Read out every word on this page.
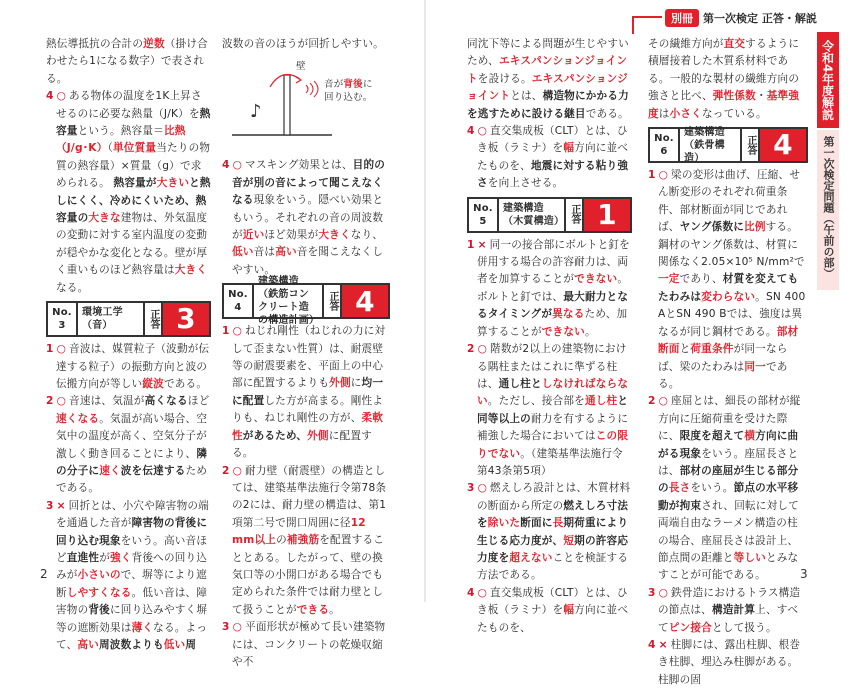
別冊 第一次検定 正答・解説
令和4年度解説
第一次検定問題（午前の部）

熱伝導抵抗の合計の逆数（掛け合わせたら1になる数字）で表される。

4 ○ ある物体の温度を1K上昇させるのに必要な熱量（J/K）を熱容量という。熱容量＝比熱（J/g･K）（単位質量当たりの物質の熱容量）×質量（g）で求められる。 熱容量が大きいと熱しにくく、冷めにくいため、熱容量の大きな建物は、外気温度の変動に対する室内温度の変動が穏やかな変化となる。壁が厚く重いものほど熱容量は大きくなる。

No. 3
環境工学（音）	正答 3

1 ○ 音波は、媒質粒子（波動が伝達する粒子）の振動方向と波の伝搬方向が等しい縦波である。

2 ○ 音速は、気温が高くなるほど速くなる。気温が高い場合、空気中の温度が高く、空気分子が激しく動き回ることにより、隣の分子に速く波を伝達するためである。

3 × 回折とは、小穴や障害物の端を通過した音が障害物の背後に回り込む現象をいう。高い音ほど直進性が強く背後への回り込みが小さいので、塀等により遮断しやすくなる。低い音は、障害物の背後に回り込みやすく塀等の遮断効果は薄くなる。よって、高い周波数よりも低い周

波数の音のほうが回折しやすい。

♪
壁
音が背後に
回り込む。

4 ○ マスキング効果とは、目的の音が別の音によって聞こえなくなる現象をいう。隠べい効果ともいう。それぞれの音の周波数が近いほど効果が大きくなり、低い音は高い音を聞こえなくしやすい。

No. 4
建築構造（鉄筋コンクリート造の構造計画）
正答 4

1 ○ ねじれ剛性（ねじれの力に対して歪まない性質）は、耐震壁等の耐震要素を、平面上の中心部に配置するよりも外側に均一に配置した方が高まる。剛性よりも、ねじれ剛性の方が、柔軟性があるため、外側に配置する。

2 ○ 耐力壁（耐震壁）の構造としては、建築基準法施行令第78条の2には、耐力壁の構造は、第1項第二号で開口周囲に径12 mm以上の補強筋を配置することとある。したがって、壁の換気口等の小開口がある場合でも定められた条件では耐力壁として扱うことができる。

3 ○ 平面形状が極めて長い建築物には、コンクリートの乾燥収縮や不

同沈下等による問題が生じやすいため、エキスパンションジョイントを設ける。エキスパンションジョイントとは、構造物にかかる力を逃すために設ける継目である。

4 ○ 直交集成板（CLT）とは、ひき板（ラミナ）を幅方向に並べたものを、地震に対する粘り強さを向上させる。

No. 5
建築構造（木質構造） 正答 1

1 × 同一の接合部にボルトと釘を併用する場合の許容耐力は、両者を加算することができない。ボルトと釘では、最大耐力となるタイミングが異なるため、加算することができない。

2 ○ 階数が2以上の建築物における隅柱またはこれに準ずる柱は、通し柱としなければならない。ただし、接合部を通し柱と同等以上の耐力を有するように補強した場合においてはこの限りでない。（建築基準法施行令第43条第5項）

3 ○ 燃えしろ設計とは、木質材料の断面から所定の燃えしろ寸法を除いた断面に長期荷重により生じる応力度が、短期の許容応力度を超えないことを検証する方法である。

4 ○ 直交集成板（CLT）とは、ひき板（ラミナ）を幅方向に並べたものを、

その繊維方向が直交するように積層接着した木質系材料である。一般的な製材の繊維方向の強さと比べ、弾性係数・基準強度は小さくなっている。

No. 6
建築構造（鉄骨構造）
正答 4

1 ○ 梁の変形は曲げ、圧縮、せん断変形のそれぞれ荷重条件、部材断面が同じであれば、ヤング係数に比例する。鋼材のヤング係数は、材質に関係なく2.05×10⁵ N/mm²で一定であり、材質を変えてもたわみは変わらない。SN 400 AとSN 490 Bでは、強度は異なるが同じ鋼材である。部材断面と荷重条件が同一ならば、梁のたわみは同一である。

2 ○ 座屈とは、細長の部材が縦方向に圧縮荷重を受けた際に、限度を超えて横方向に曲がる現象をいう。座屈長さとは、部材の座屈が生じる部分の長さをいう。節点の水平移動が拘束され、回転に対して両端自由なラーメン構造の柱の場合、座屈長さは設計上、節点間の距離と等しいとみなすことが可能である。

3 ○ 鉄骨造におけるトラス構造の節点は、構造計算上、すべてピン接合として扱う。

4 × 柱脚には、露出柱脚、根巻き柱脚、埋込み柱脚がある。柱脚の固

2	3
